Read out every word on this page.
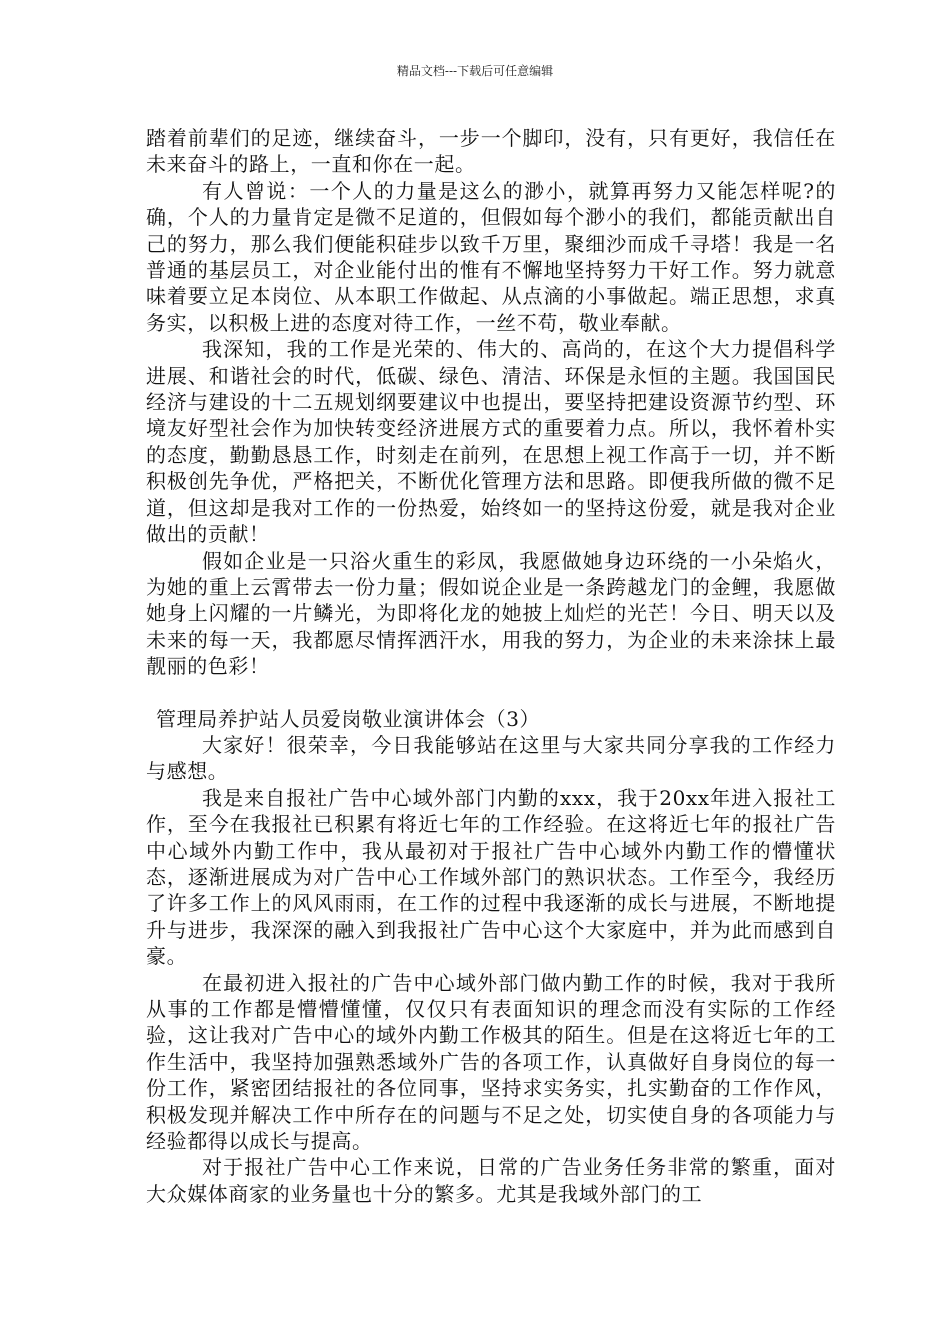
精品文档---下载后可任意编辑

踏着前辈们的足迹，继续奋斗，一步一个脚印，没有，只有更好，我信任在未来奋斗的路上，一直和你在一起。

有人曾说：一个人的力量是这么的渺小，就算再努力又能怎样呢?的确，个人的力量肯定是微不足道的，但假如每个渺小的我们，都能贡献出自己的努力，那么我们便能积硅步以致千万里，聚细沙而成千寻塔！我是一名普通的基层员工，对企业能付出的惟有不懈地坚持努力干好工作。努力就意味着要立足本岗位、从本职工作做起、从点滴的小事做起。端正思想，求真务实，以积极上进的态度对待工作，一丝不苟，敬业奉献。

我深知，我的工作是光荣的、伟大的、高尚的，在这个大力提倡科学进展、和谐社会的时代，低碳、绿色、清洁、环保是永恒的主题。我国国民经济与建设的十二五规划纲要建议中也提出，要坚持把建设资源节约型、环境友好型社会作为加快转变经济进展方式的重要着力点。所以，我怀着朴实的态度，勤勤恳恳工作，时刻走在前列，在思想上视工作高于一切，并不断积极创先争优，严格把关，不断优化管理方法和思路。即便我所做的微不足道，但这却是我对工作的一份热爱，始终如一的坚持这份爱，就是我对企业做出的贡献！

假如企业是一只浴火重生的彩凤，我愿做她身边环绕的一小朵焰火，为她的重上云霄带去一份力量；假如说企业是一条跨越龙门的金鲤，我愿做她身上闪耀的一片鳞光，为即将化龙的她披上灿烂的光芒！今日、明天以及未来的每一天，我都愿尽情挥洒汗水，用我的努力，为企业的未来涂抹上最靓丽的色彩！

管理局养护站人员爱岗敬业演讲体会（3）

大家好！很荣幸，今日我能够站在这里与大家共同分享我的工作经力与感想。

我是来自报社广告中心域外部门内勤的xxx，我于20xx年进入报社工作，至今在我报社已积累有将近七年的工作经验。在这将近七年的报社广告中心域外内勤工作中，我从最初对于报社广告中心域外内勤工作的懵懂状态，逐渐进展成为对广告中心工作域外部门的熟识状态。工作至今，我经历了许多工作上的风风雨雨，在工作的过程中我逐渐的成长与进展，不断地提升与进步，我深深的融入到我报社广告中心这个大家庭中，并为此而感到自豪。

在最初进入报社的广告中心域外部门做内勤工作的时候，我对于我所从事的工作都是懵懵懂懂，仅仅只有表面知识的理念而没有实际的工作经验，这让我对广告中心的域外内勤工作极其的陌生。但是在这将近七年的工作生活中，我坚持加强熟悉域外广告的各项工作，认真做好自身岗位的每一份工作，紧密团结报社的各位同事，坚持求实务实，扎实勤奋的工作作风，积极发现并解决工作中所存在的问题与不足之处，切实使自身的各项能力与经验都得以成长与提高。

对于报社广告中心工作来说，日常的广告业务任务非常的繁重，面对大众媒体商家的业务量也十分的繁多。尤其是我域外部门的工
